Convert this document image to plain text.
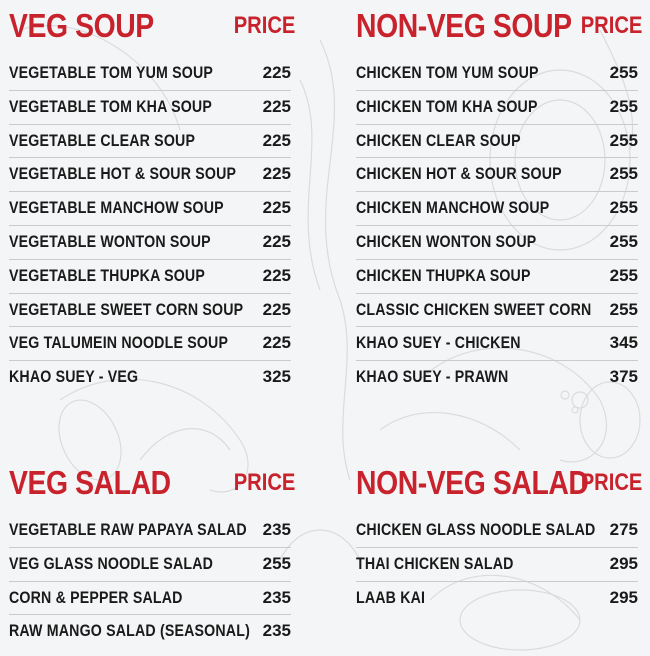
VEG SOUP	PRICE
VEGETABLE TOM YUM SOUP	225
VEGETABLE TOM KHA SOUP	225
VEGETABLE CLEAR SOUP	225
VEGETABLE HOT & SOUR SOUP 225
VEGETABLE MANCHOW SOUP 225
VEGETABLE WONTON SOUP	225
VEGETABLE THUPKA SOUP	225
VEGETABLE SWEET CORN SOUP 225
VEG TALUMEIN NOODLE SOUP 225
KHAO SUEY - VEG	325
NON-VEG SOUP PRICE
CHICKEN TOM YUM SOUP	255
CHICKEN TOM KHA SOUP	255
CHICKEN CLEAR SOUP	255
CHICKEN HOT & SOUR SOUP	255
CHICKEN MANCHOW SOUP	255
CHICKEN WONTON SOUP	255
CHICKEN THUPKA SOUP	255
CLASSIC CHICKEN SWEET CORN 255
KHAO SUEY - CHICKEN	345
KHAO SUEY - PRAWN	375
VEG SALAD	PRICE
VEGETABLE RAW PAPAYA SALAD 235
VEG GLASS NOODLE SALAD	255
CORN & PEPPER SALAD	235
RAW MANGO SALAD (SEASONAL) 235
NON-VEG SALAD
PRICE
CHICKEN GLASS NOODLE SALAD 275
THAI CHICKEN SALAD	295
LAAB KAI	295
